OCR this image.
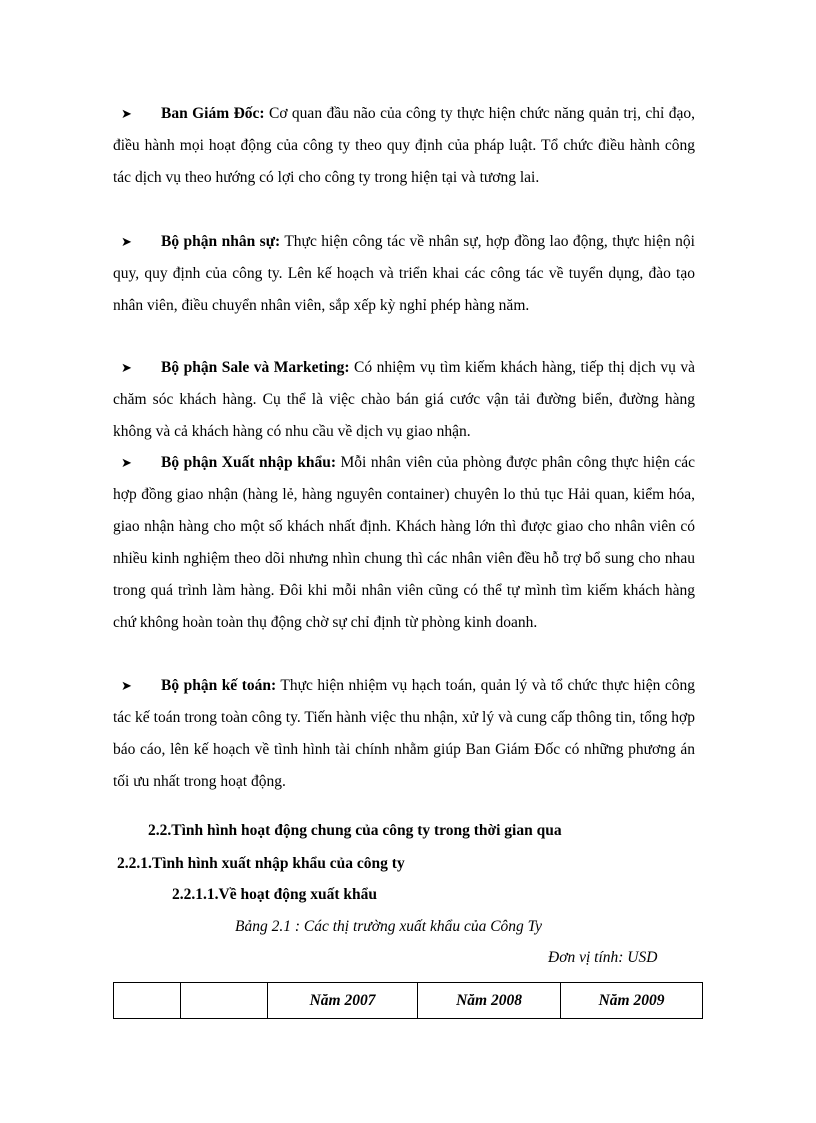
➤ Ban Giám Đốc: Cơ quan đầu não của công ty thực hiện chức năng quản trị, chỉ đạo, điều hành mọi hoạt động của công ty theo quy định của pháp luật. Tổ chức điều hành công tác dịch vụ theo hướng có lợi cho công ty trong hiện tại và tương lai.
➤ Bộ phận nhân sự: Thực hiện công tác về nhân sự, hợp đồng lao động, thực hiện nội quy, quy định của công ty. Lên kế hoạch và triển khai các công tác về tuyển dụng, đào tạo nhân viên, điều chuyển nhân viên, sắp xếp kỳ nghỉ phép hàng năm.
➤ Bộ phận Sale và Marketing: Có nhiệm vụ tìm kiếm khách hàng, tiếp thị dịch vụ và chăm sóc khách hàng. Cụ thể là việc chào bán giá cước vận tải đường biển, đường hàng không và cả khách hàng có nhu cầu về dịch vụ giao nhận.
➤ Bộ phận Xuất nhập khẩu: Mỗi nhân viên của phòng được phân công thực hiện các hợp đồng giao nhận (hàng lẻ, hàng nguyên container) chuyên lo thủ tục Hải quan, kiểm hóa, giao nhận hàng cho một số khách nhất định. Khách hàng lớn thì được giao cho nhân viên có nhiều kinh nghiệm theo dõi nhưng nhìn chung thì các nhân viên đều hỗ trợ bổ sung cho nhau trong quá trình làm hàng. Đôi khi mỗi nhân viên cũng có thể tự mình tìm kiếm khách hàng chứ không hoàn toàn thụ động chờ sự chỉ định từ phòng kinh doanh.
➤ Bộ phận kế toán: Thực hiện nhiệm vụ hạch toán, quản lý và tổ chức thực hiện công tác kế toán trong toàn công ty. Tiến hành việc thu nhận, xử lý và cung cấp thông tin, tổng hợp báo cáo, lên kế hoạch về tình hình tài chính nhằm giúp Ban Giám Đốc có những phương án tối ưu nhất trong hoạt động.
2.2.Tình hình hoạt động chung của công ty trong thời gian qua
2.2.1.Tình hình xuất nhập khẩu của công ty
2.2.1.1.Về hoạt động xuất khẩu
Bảng 2.1 : Các thị trường xuất khẩu của Công Ty
Đơn vị tính: USD
		Năm 2007	Năm 2008	Năm 2009
